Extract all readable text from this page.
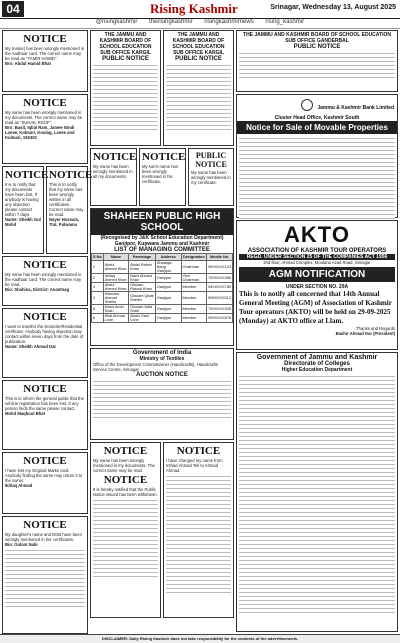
04	Rising Kashmir	Srinagar, Wednesday 13, August 2025
@risingkashmir therisingkashmir risingkashmirnews rising_kashmir
NOTICE
My (name) has been wrongly mentioned in the Aadhaar card. The correct name may be read as "YAMIR HAMID"
Bro: Abdul Hamid Bhat
NOTICE
My name has been wrongly mentioned in my documents. The correct name may be read as "SUHAIL ROUF".
Bro: Basit, Iqbal Ram, Jamee Nindi Lanee, Kolmari, Koulag, Lanee and Kulmari, 192402
NOTICE
It is to notify that my documents have been lost. If anybody is having any objection please contact within 7 days.
Name: Sheikh Gul Mohd
NOTICE
This is to notify that my name has been wrongly written in all certificates. Correct name may be read.
Nayer Hussain, Tral, Pulwama
NOTICE
My name has been wrongly mentioned in the Aadhaar card. The correct name may be read.
Bio: Shahina, District: Anantnag
NOTICE
I want to transfer the Domicile/Residential certificate. Anybody having objection may contact within seven days from the date of publication.
Name: Sheikh Ahmad Dar
NOTICE
This is to inform the general public that the vehicle registration has been lost. If any person finds the same please contact.
Mohd Maqbool Bhat
NOTICE
I have lost my Original Marks card. Anybody finding the same may return it to the owner.
Ikhlaq Ahmad
NOTICE
My daughter's name and DOB have been wrongly mentioned in her certificates.
Bio: Gulam Nabi
THE JAMMU AND KASHMIR BOARD OF SCHOOL EDUCATION
SUB OFFICE KARGIL
PUBLIC NOTICE
THE JAMMU AND KASHMIR BOARD OF SCHOOL EDUCATION
SUB OFFICE KARGIL
PUBLIC NOTICE
NOTICE
My name has been wrongly mentioned in all my documents.
NOTICE
My son's name has been wrongly mentioned in his certificate.
PUBLIC NOTICE
My name has been wrongly mentioned in my certificate.
SHAHEEN PUBLIC HIGH SCHOOL
(Recognised by J&K School Education Department)
Ganjipor, Kupwara Jammu and Kashmir
LIST OF MANAGING COMMITTEE
S.No	Name	Parentage	Address	Designation	Mobile No.
1	Abdul Ahmed Khan	Abdul Rahim Khan	Khawaja Baug Ganjipor	Chairman	990XXXX123
2	Ishfaq Ahmed Khan	Nazir Ahmed Khan	Ganjipor	Vice Chairman	700XXXX456
3	Abdul Ahmed Khan	Ghulam Rasool Khan	Ganjipor	Member	940XXXX789
4	Manzoor Ahmad Sheikh	Ghulam Qadir Sheikh	Ganjipor	Member	906XXXX012
5	Mohd Amin Shah	Ghulam Nabi Shah	Ganjipor	Member	700XXXX345
6	Hilal Ahmad Lone	Abdul Gani Lone	Ganjipor	Member	959XXXX678
Government of India
Ministry of Textiles
Office of the Development Commissioner (Handicrafts), Handicrafts Service Centre, Srinagar
AUCTION NOTICE
NOTICE
My name has been wrongly mentioned in my documents. The correct name may be read.
NOTICE
It is hereby notified that the Public Notice issued has been withdrawn.
NOTICE
I have changed my name from Irshad Ahmad Teli to Ahmad Ahmad.
THE JAMMU AND KASHMIR BOARD OF SCHOOL EDUCATION
SUB OFFICE GANDERBAL
PUBLIC NOTICE
Jammu & Kashmir Bank Limited
Cluster Head Office, Kashmir South
Notice for Sale of Movable Properties
AKTO
ASSOCIATION OF KASHMIR TOUR OPERATORS
REGD. UNDER SECTION 25 OF THE COMPANIES ACT 1956
2nd floor, Ahmad Complex, Moulana Azad Road, Srinagar
AGM NOTIFICATION
UNDER SECTION NO. 29A
This is to notify all concerned that 14th Annual General Meeting (AGM) of Association of Kashmir Tour operators (AKTO) will be held on 29-09-2025 (Monday) at AKTO office at Llam.
Thanks and Regards
Bashir Ahmad Dar (President)
Government of Jammu and Kashmir
Directorate of Colleges
Higher Education Department
DISCLAIMER: Daily Rising Kashmir does not take responsibility for the contents of the advertisements.
